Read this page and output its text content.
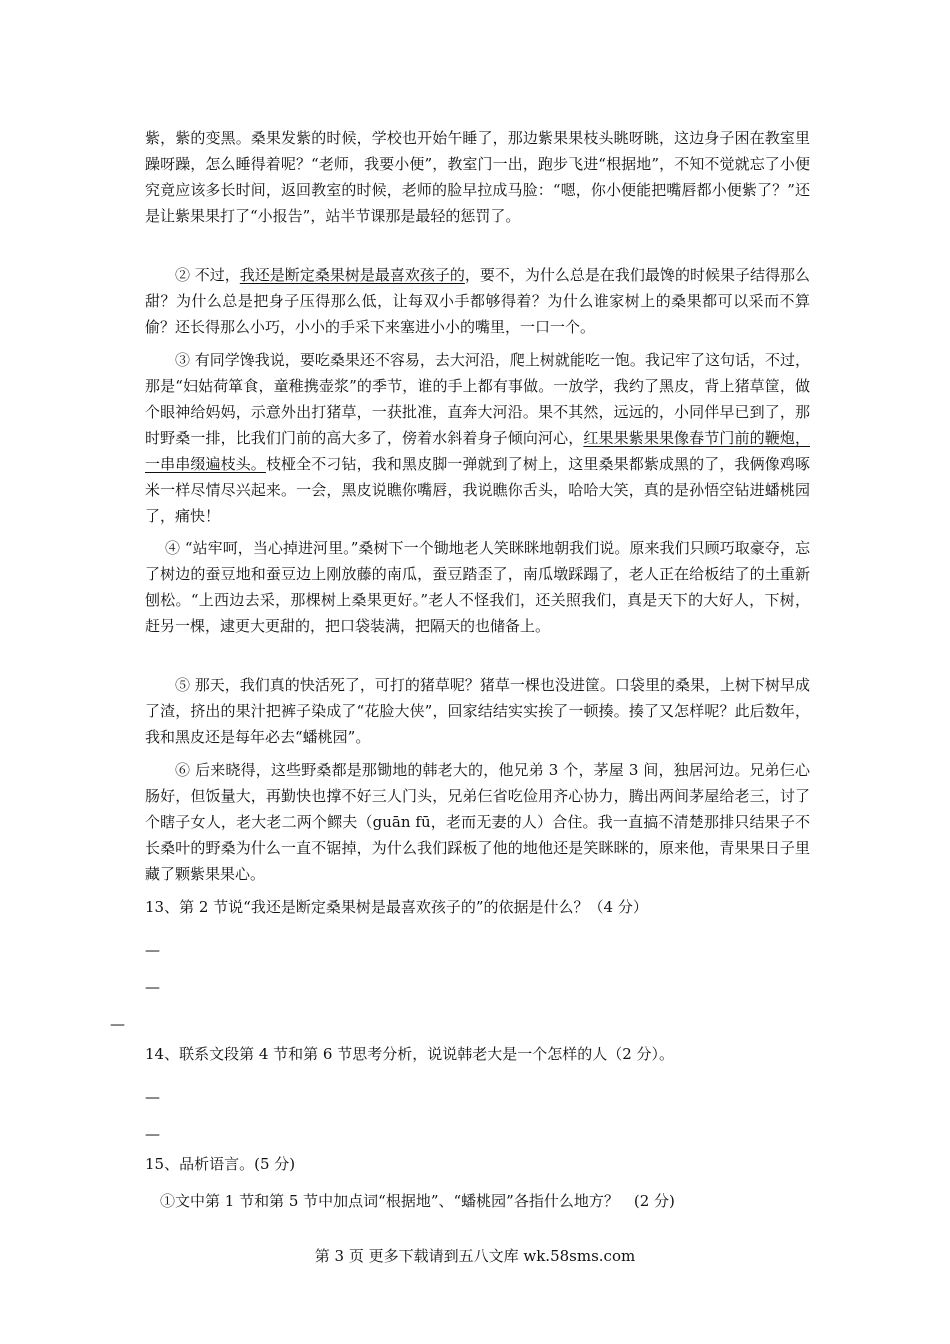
紫，紫的变黑。桑果发紫的时候，学校也开始午睡了，那边紫果果枝头眺呀眺，这边身子困在教室里躁呀躁，怎么睡得着呢？“老师，我要小便”，教室门一出，跑步飞进“根据地”，不知不觉就忘了小便究竟应该多长时间，返回教室的时候，老师的脸早拉成马脸：“嗯，你小便能把嘴唇都小便紫了？”还是让紫果果打了“小报告”，站半节课那是最轻的惩罚了。

② 不过，我还是断定桑果树是最喜欢孩子的，要不，为什么总是在我们最馋的时候果子结得那么甜？为什么总是把身子压得那么低，让每双小手都够得着？为什么谁家树上的桑果都可以采而不算偷？还长得那么小巧，小小的手采下来塞进小小的嘴里，一口一个。

③ 有同学馋我说，要吃桑果还不容易，去大河沿，爬上树就能吃一饱。我记牢了这句话，不过，那是“妇姑荷箪食，童稚携壶浆”的季节，谁的手上都有事做。一放学，我约了黑皮，背上猪草筐，做个眼神给妈妈，示意外出打猪草，一获批准，直奔大河沿。果不其然，远远的，小同伴早已到了，那时野桑一排，比我们门前的高大多了，傍着水斜着身子倾向河心，红果果紫果果像春节门前的鞭炮，一串串缀遍枝头。枝桠全不刁钻，我和黑皮脚一弹就到了树上，这里桑果都紫成黑的了，我俩像鸡啄米一样尽情尽兴起来。一会，黑皮说瞧你嘴唇，我说瞧你舌头，哈哈大笑，真的是孙悟空钻进蟠桃园了，痛快！

④ “站牢呵，当心掉进河里。”桑树下一个锄地老人笑眯眯地朝我们说。原来我们只顾巧取豪夺，忘了树边的蚕豆地和蚕豆边上刚放藤的南瓜，蚕豆踏歪了，南瓜墩踩蹋了，老人正在给板结了的土重新刨松。“上西边去采，那棵树上桑果更好。”老人不怪我们，还关照我们，真是天下的大好人，下树，赶另一棵，逮更大更甜的，把口袋装满，把隔天的也储备上。

⑤ 那天，我们真的快活死了，可打的猪草呢？猪草一棵也没进筐。口袋里的桑果，上树下树早成了渣，挤出的果汁把裤子染成了“花脸大侠”，回家结结实实挨了一顿揍。揍了又怎样呢？此后数年，我和黑皮还是每年必去“蟠桃园”。

⑥ 后来晓得，这些野桑都是那锄地的韩老大的，他兄弟 3 个，茅屋 3 间，独居河边。兄弟仨心肠好，但饭量大，再勤快也撑不好三人门头，兄弟仨省吃俭用齐心协力，腾出两间茅屋给老三，讨了个瞎子女人，老大老二两个鳏夫（guān fū，老而无妻的人）合住。我一直搞不清楚那排只结果子不长桑叶的野桑为什么一直不锯掉，为什么我们踩板了他的地他还是笑眯眯的，原来他，青果果日子里藏了颗紫果果心。

13、第 2 节说“我还是断定桑果树是最喜欢孩子的”的依据是什么？（4 分）

—
—
—

14、联系文段第 4 节和第 6 节思考分析，说说韩老大是一个怎样的人（2 分）。

—
—

15、品析语言。(5 分)

①文中第 1 节和第 5 节中加点词“根据地”、“蟠桃园”各指什么地方？　(2 分)

第 3 页 更多下载请到五八文库 wk.58sms.com
